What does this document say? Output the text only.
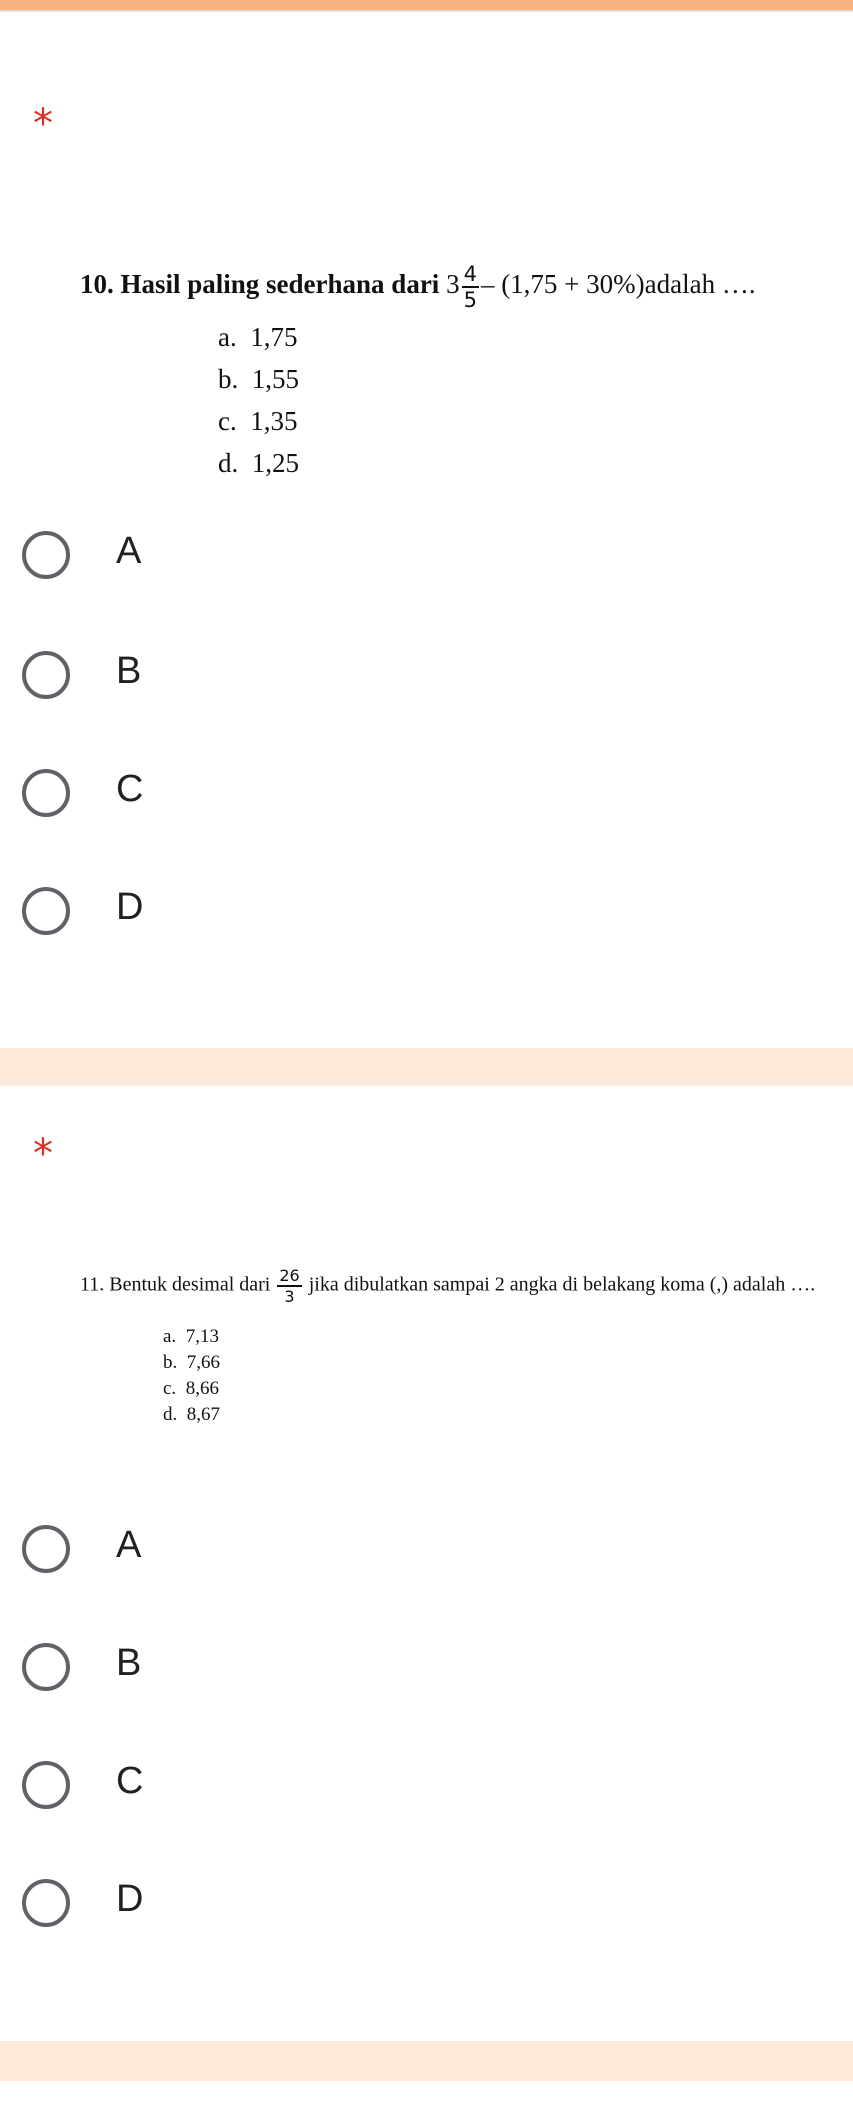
*
10. Hasil paling sederhana dari $3 \frac{4}{5} - (1,75$ + 30%)adalah ….
a. 1,75
b. 1,55
c. 1,35
d. 1,25
A
B
C
D
*
11. Bentuk desimal dari $\frac{26}{3}$ jika dibulatkan sampai 2 angka di belakang koma (,) adalah ….
a. 7,13
b. 7,66
c. 8,66
d. 8,67
A
B
C
D
